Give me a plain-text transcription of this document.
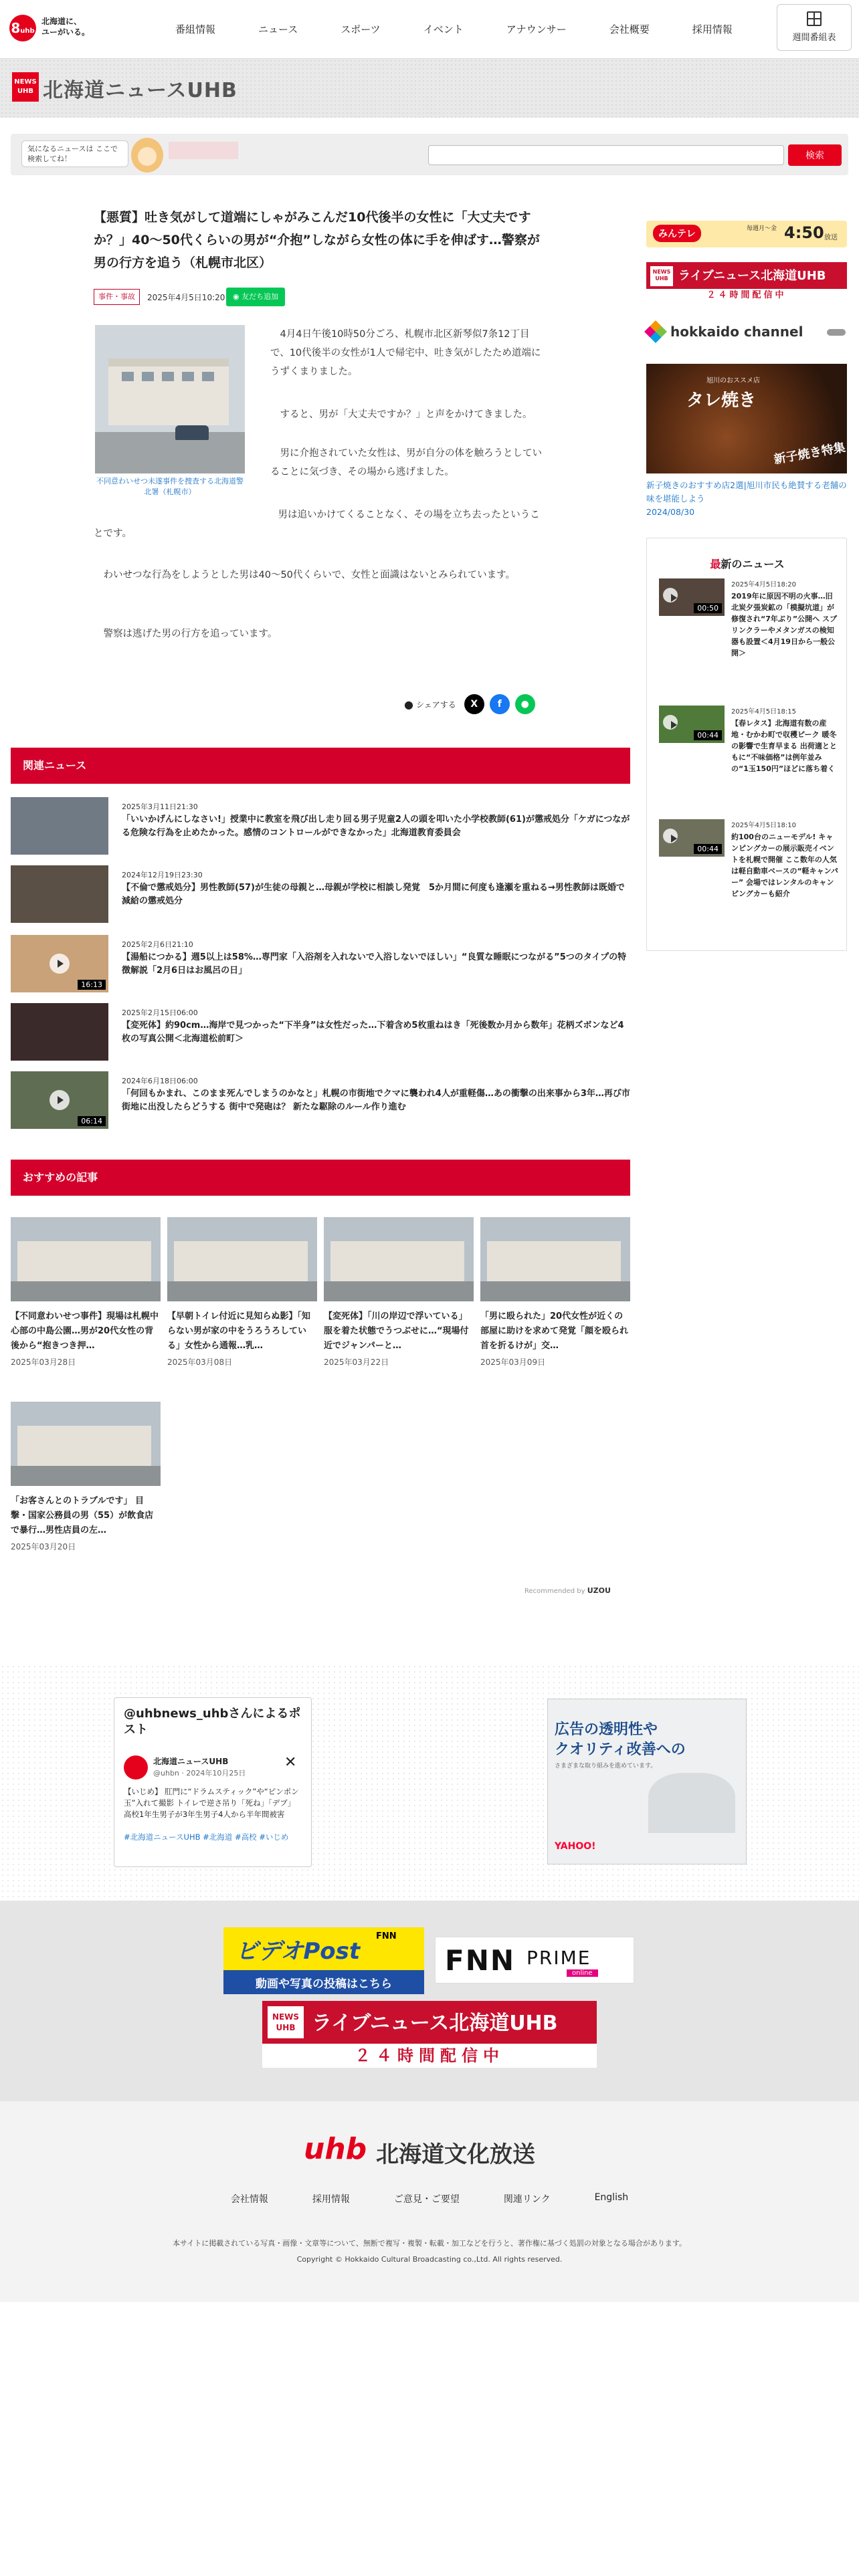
8uhb
北海道に、
ユーがいる。	番組情報	ニュース	スポーツ	イベント	アナウンサー	会社概要	採用情報
週間番組表
NEWS UHB 北海道ニュースUHB
気になるニュースは ここで検索してね！	検索
【悪質】吐き気がして道端にしゃがみこんだ10代後半の女性に「大丈夫ですか？」40～50代くらいの男が“介抱”しながら女性の体に手を伸ばす…警察が男の行方を追う（札幌市北区）
事件・事故	2025年4月5日10:20	◉ 友だち追加
不同意わいせつ未遂事件を捜査する北海道警北署（札幌市）

4月4日午後10時50分ごろ、札幌市北区新琴似7条12丁目で、10代後半の女性が1人で帰宅中、吐き気がしたため道端にうずくまりました。

すると、男が「大丈夫ですか？」と声をかけてきました。

男に介抱されていた女性は、男が自分の体を触ろうとしていることに気づき、その場から逃げました。

男は追いかけてくることなく、その場を立ち去ったということです。

わいせつな行為をしようとした男は40～50代くらいで、女性と面識はないとみられています。

警察は逃げた男の行方を追っています。

● シェアする	X	f	●
関連ニュース
2025年3月11日21:30
「いいかげんにしなさい!」授業中に教室を飛び出し走り回る男子児童2人の頭を叩いた小学校教師(61)が懲戒処分「ケガにつながる危険な行為を止めたかった。感情のコントロールができなかった」北海道教育委員会
2024年12月19日23:30
【不倫で懲戒処分】男性教師(57)が生徒の母親と…母親が学校に相談し発覚　5か月間に何度も逢瀬を重ねる→男性教師は既婚で減給の懲戒処分
16:13
2025年2月6日21:10
【湯船につかる】週5以上は58%…専門家「入浴剤を入れないで入浴しないでほしい」“良質な睡眠につながる”5つのタイプの特徴解説「2月6日はお風呂の日」
2025年2月15日06:00
【変死体】約90cm…海岸で見つかった“下半身”は女性だった…下着含め5枚重ねはき「死後数か月から数年」花柄ズボンなど4枚の写真公開＜北海道松前町＞
06:14
2024年6月18日06:00
「何回もかまれ、このまま死んでしまうのかなと」札幌の市街地でクマに襲われ4人が重軽傷…あの衝撃の出来事から3年…再び市街地に出没したらどうする 街中で発砲は？ 新たな駆除のルール作り進む
おすすめの記事
【不同意わいせつ事件】現場は札幌中心部の中島公園…男が20代女性の背後から“抱きつき押…
2025年03月28日
【早朝トイレ付近に見知らぬ影】「知らない男が家の中をうろうろしている」女性から通報…乳…
2025年03月08日
【変死体】「川の岸辺で浮いている」服を着た状態でうつぶせに…“現場付近でジャンパーと…
2025年03月22日
「男に殴られた」20代女性が近くの部屋に助けを求めて発覚「顔を殴られ首を折るけが」交…
2025年03月09日
「お客さんとのトラブルです」 目撃・国家公務員の男（55）が飲食店で暴行…男性店員の左…
2025年03月20日
Recommended by UZOU
みんテレ	毎週月～金 4:50 放送
NEWS UHB ライブニュース北海道UHB
２４時間配信中
hokkaido channel
旭川のおススメ店
タレ焼き
新子焼き特集
新子焼きのおすすめ店2選|旭川市民も絶賛する老舗の味を堪能しよう
2024/08/30
最新のニュース
00:50
2025年4月5日18:20
2019年に原因不明の火事…旧北炭夕張炭鉱の「模擬坑道」が修復され“7年ぶり”公開へ スプリンクラーやメタンガスの検知器も設置＜4月19日から一般公開＞
00:44
2025年4月5日18:15
【春レタス】北海道有数の産地・むかわ町で収穫ピーク 暖冬の影響で生育早まる 出荷適とともに“不味価格”は例年並みの“1玉150円”ほどに落ち着く
00:44
2025年4月5日18:10
約100台のニューモデル! キャンピングカーの展示販売イベントを札幌で開催 ここ数年の人気は軽自動車ベースの“軽キャンパー” 会場ではレンタルのキャンピングカーも紹介
@uhbnews_uhbさんによるポスト
北海道ニュースUHB
@uhbn · 2024年10月25日
✕
【いじめ】 肛門に“ドラムスティック”や“ピンポン玉”入れて撮影 トイレで逆さ吊り「死ね」「デブ」 高校1年生男子が3年生男子4人から半年間被害
#北海道ニュースUHB #北海道 #高校 #いじめ
広告の透明性や
クオリティ改善への
さまざまな取り組みを進めています。
YAHOO!
ビデオPost
FNN
動画や写真の投稿はこちら
FNN PRIME
online
NEWS UHB ライブニュース北海道UHB
２４時間配信中
uhb 北海道文化放送
会社情報	採用情報	ご意見・ご要望	関連リンク	English
本サイトに掲載されている写真・画像・文章等について、無断で複写・複製・転載・加工などを行うと、著作権に基づく処罰の対象となる場合があります。
Copyright © Hokkaido Cultural Broadcasting co.,Ltd. All rights reserved.
